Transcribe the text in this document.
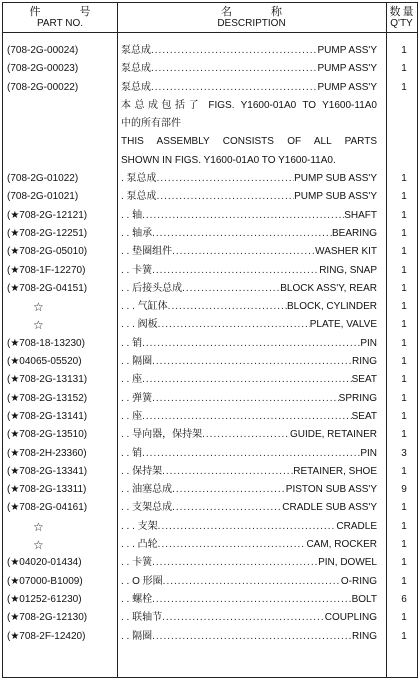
件　号
PART NO.
名　称
DESCRIPTION
数量
Q'TY
(708-2G-00024)	泵总成 .....	PUMP ASS'Y	1
(708-2G-00023)	泵总成 .....	PUMP ASS'Y	1
(708-2G-00022)	泵总成 .....	PUMP ASS'Y	1
本总成包括了 FIGS. Y1600-01A0 TO Y1600-11A0
中的所有部件
THIS ASSEMBLY CONSISTS OF ALL PARTS
SHOWN IN FIGS. Y1600-01A0 TO Y1600-11A0.
(708-2G-01022)	. 泵总成 .....	PUMP SUB ASS'Y	1
(708-2G-01021)	. 泵总成 .....	PUMP SUB ASS'Y	1
(★708-2G-12121)	. . 轴 .....	SHAFT	1
(★708-2G-12251)	. . 轴承 .....	BEARING	1
(★708-2G-05010)	. . 垫圈组件 .....	WASHER KIT	1
(★708-1F-12270)	. . 卡簧 .....	RING, SNAP	1
(★708-2G-04151)	. . 后接头总成 .....	BLOCK ASS'Y, REAR	1
☆	. . . 气缸体 .....	BLOCK, CYLINDER	1
☆	. . . 阀板 .....	PLATE, VALVE	1
(★708-18-13230)	. . 销 .....	PIN	1
(★04065-05520)	. . 隔圈 .....	RING	1
(★708-2G-13131)	. . 座 .....	SEAT	1
(★708-2G-13152)	. . 弹簧 .....	SPRING	1
(★708-2G-13141)	. . 座 .....	SEAT	1
(★708-2G-13510)	. . 导向器，保持架 .....	GUIDE, RETAINER	1
(★708-2H-23360)	. . 销 .....	PIN	3
(★708-2G-13341)	. . 保持架 .....	RETAINER, SHOE	1
(★708-2G-13311)	. . 油塞总成 .....	PISTON SUB ASS'Y	9
(★708-2G-04161)	. . 支架总成 .....	CRADLE SUB ASS'Y	1
☆	. . . 支架 .....	CRADLE	1
☆	. . . 凸轮 .....	CAM, ROCKER	1
(★04020-01434)	. . 卡簧 .....	PIN, DOWEL	1
(★07000-B1009)	. . O 形圈 .....	O-RING	1
(★01252-61230)	. . 螺栓 .....	BOLT	6
(★708-2G-12130)	. . 联轴节 .....	COUPLING	1
(★708-2F-12420)	. . 隔圈 .....	RING	1
